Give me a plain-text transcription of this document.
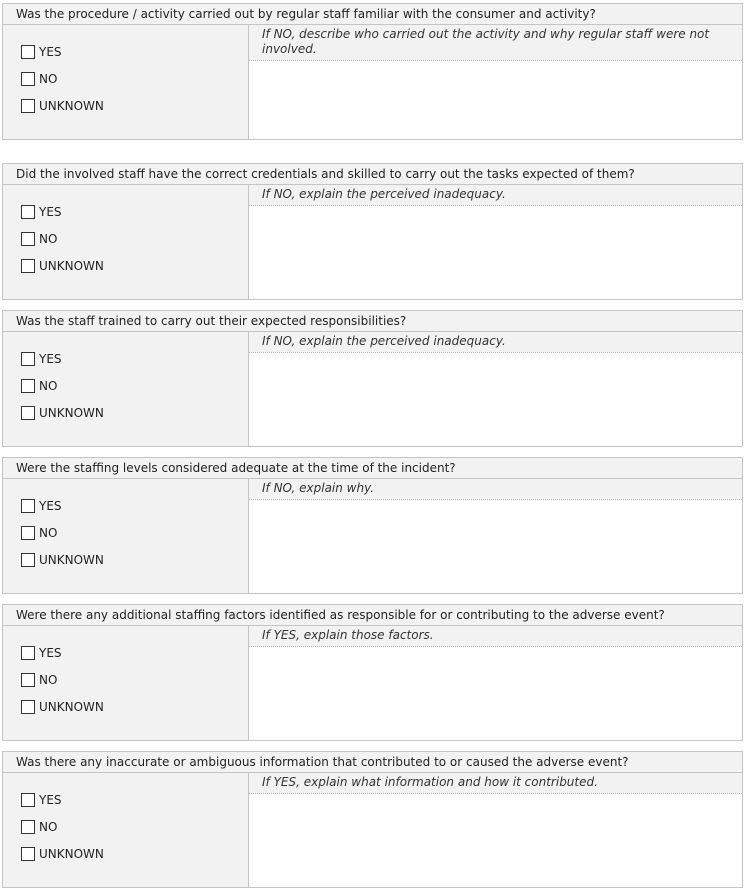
Was the procedure / activity carried out by regular staff familiar with the consumer and activity?
YES
NO
UNKNOWN
If NO, describe who carried out the activity and why regular staff were not involved.
Did the involved staff have the correct credentials and skilled to carry out the tasks expected of them?
YES
NO
UNKNOWN
If NO, explain the perceived inadequacy.
Was the staff trained to carry out their expected responsibilities?
YES
NO
UNKNOWN
If NO, explain the perceived inadequacy.
Were the staffing levels considered adequate at the time of the incident?
YES
NO
UNKNOWN
If NO, explain why.
Were there any additional staffing factors identified as responsible for or contributing to the adverse event?
YES
NO
UNKNOWN
If YES, explain those factors.
Was there any inaccurate or ambiguous information that contributed to or caused the adverse event?
YES
NO
UNKNOWN
If YES, explain what information and how it contributed.
